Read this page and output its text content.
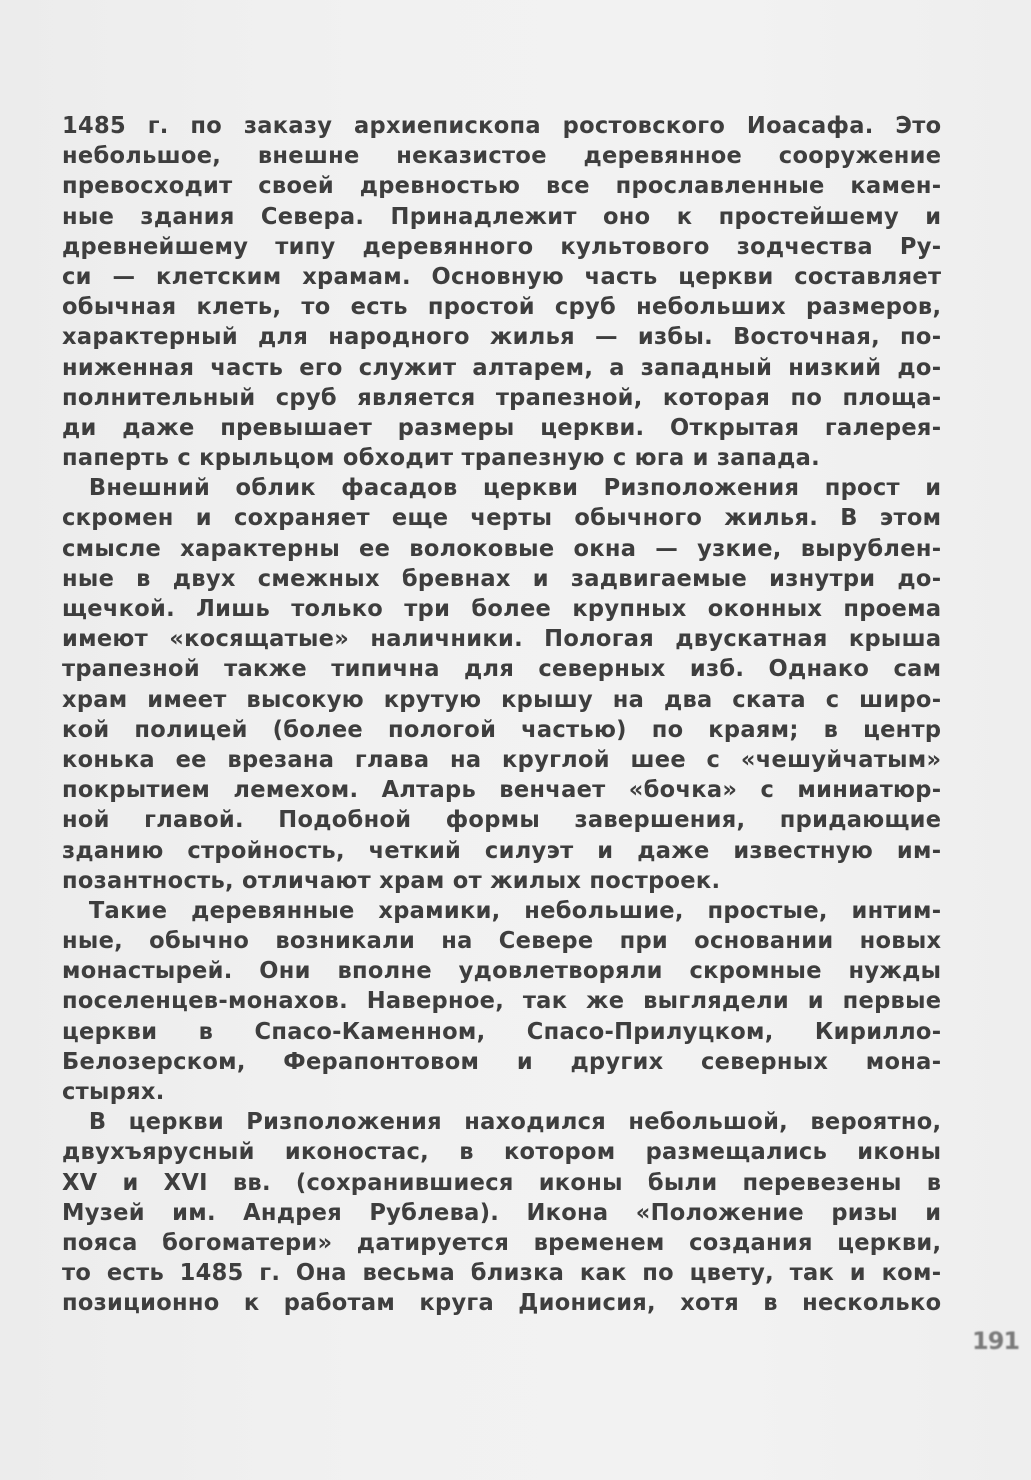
1485 г. по заказу архиепископа ростовского Иоасафа. Это
небольшое, внешне неказистое деревянное сооружение
превосходит своей древностью все прославленные камен-
ные здания Севера. Принадлежит оно к простейшему и
древнейшему типу деревянного культового зодчества Ру-
си — клетским храмам. Основную часть церкви составляет
обычная клеть, то есть простой сруб небольших размеров,
характерный для народного жилья — избы. Восточная, по-
ниженная часть его служит алтарем, а западный низкий до-
полнительный сруб является трапезной, которая по площа-
ди даже превышает размеры церкви. Открытая галерея-
паперть с крыльцом обходит трапезную с юга и запада.
Внешний облик фасадов церкви Ризположения прост и
скромен и сохраняет еще черты обычного жилья. В этом
смысле характерны ее волоковые окна — узкие, вырублен-
ные в двух смежных бревнах и задвигаемые изнутри до-
щечкой. Лишь только три более крупных оконных проема
имеют «косящатые» наличники. Пологая двускатная крыша
трапезной также типична для северных изб. Однако сам
храм имеет высокую крутую крышу на два ската с широ-
кой полицей (более пологой частью) по краям; в центр
конька ее врезана глава на круглой шее с «чешуйчатым»
покрытием лемехом. Алтарь венчает «бочка» с миниатюр-
ной главой. Подобной формы завершения, придающие
зданию стройность, четкий силуэт и даже известную им-
позантность, отличают храм от жилых построек.
Такие деревянные храмики, небольшие, простые, интим-
ные, обычно возникали на Севере при основании новых
монастырей. Они вполне удовлетворяли скромные нужды
поселенцев-монахов. Наверное, так же выглядели и первые
церкви в Спасо-Каменном, Спасо-Прилуцком, Кирилло-
Белозерском, Ферапонтовом и других северных мона-
стырях.
В церкви Ризположения находился небольшой, вероятно,
двухъярусный иконостас, в котором размещались иконы
XV и XVI вв. (сохранившиеся иконы были перевезены в
Музей им. Андрея Рублева). Икона «Положение ризы и
пояса богоматери» датируется временем создания церкви,
то есть 1485 г. Она весьма близка как по цвету, так и ком-
позиционно к работам круга Дионисия, хотя в несколько
191
